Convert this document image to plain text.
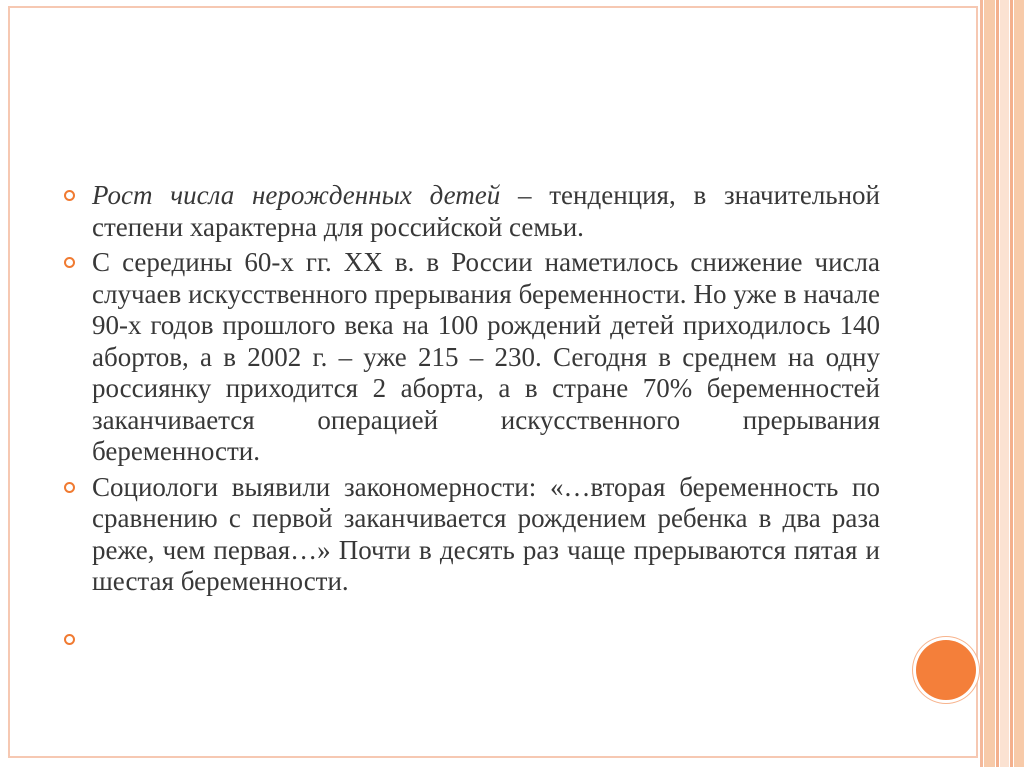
Рост числа нерожденных детей – тенденция, в значительной степени характерна для российской семьи.
С середины 60-х гг. XX в. в России наметилось снижение числа случаев искусственного прерывания беременности. Но уже в начале 90-х годов прошлого века на 100 рождений детей приходилось 140 абортов, а в 2002 г. – уже 215 – 230. Сегодня в среднем на одну россиянку приходится 2 аборта, а в стране 70% беременностей заканчивается операцией искусственного прерывания беременности.
Социологи выявили закономерности: «…вторая беременность по сравнению с первой заканчивается рождением ребенка в два раза реже, чем первая…» Почти в десять раз чаще прерываются пятая и шестая беременности.
